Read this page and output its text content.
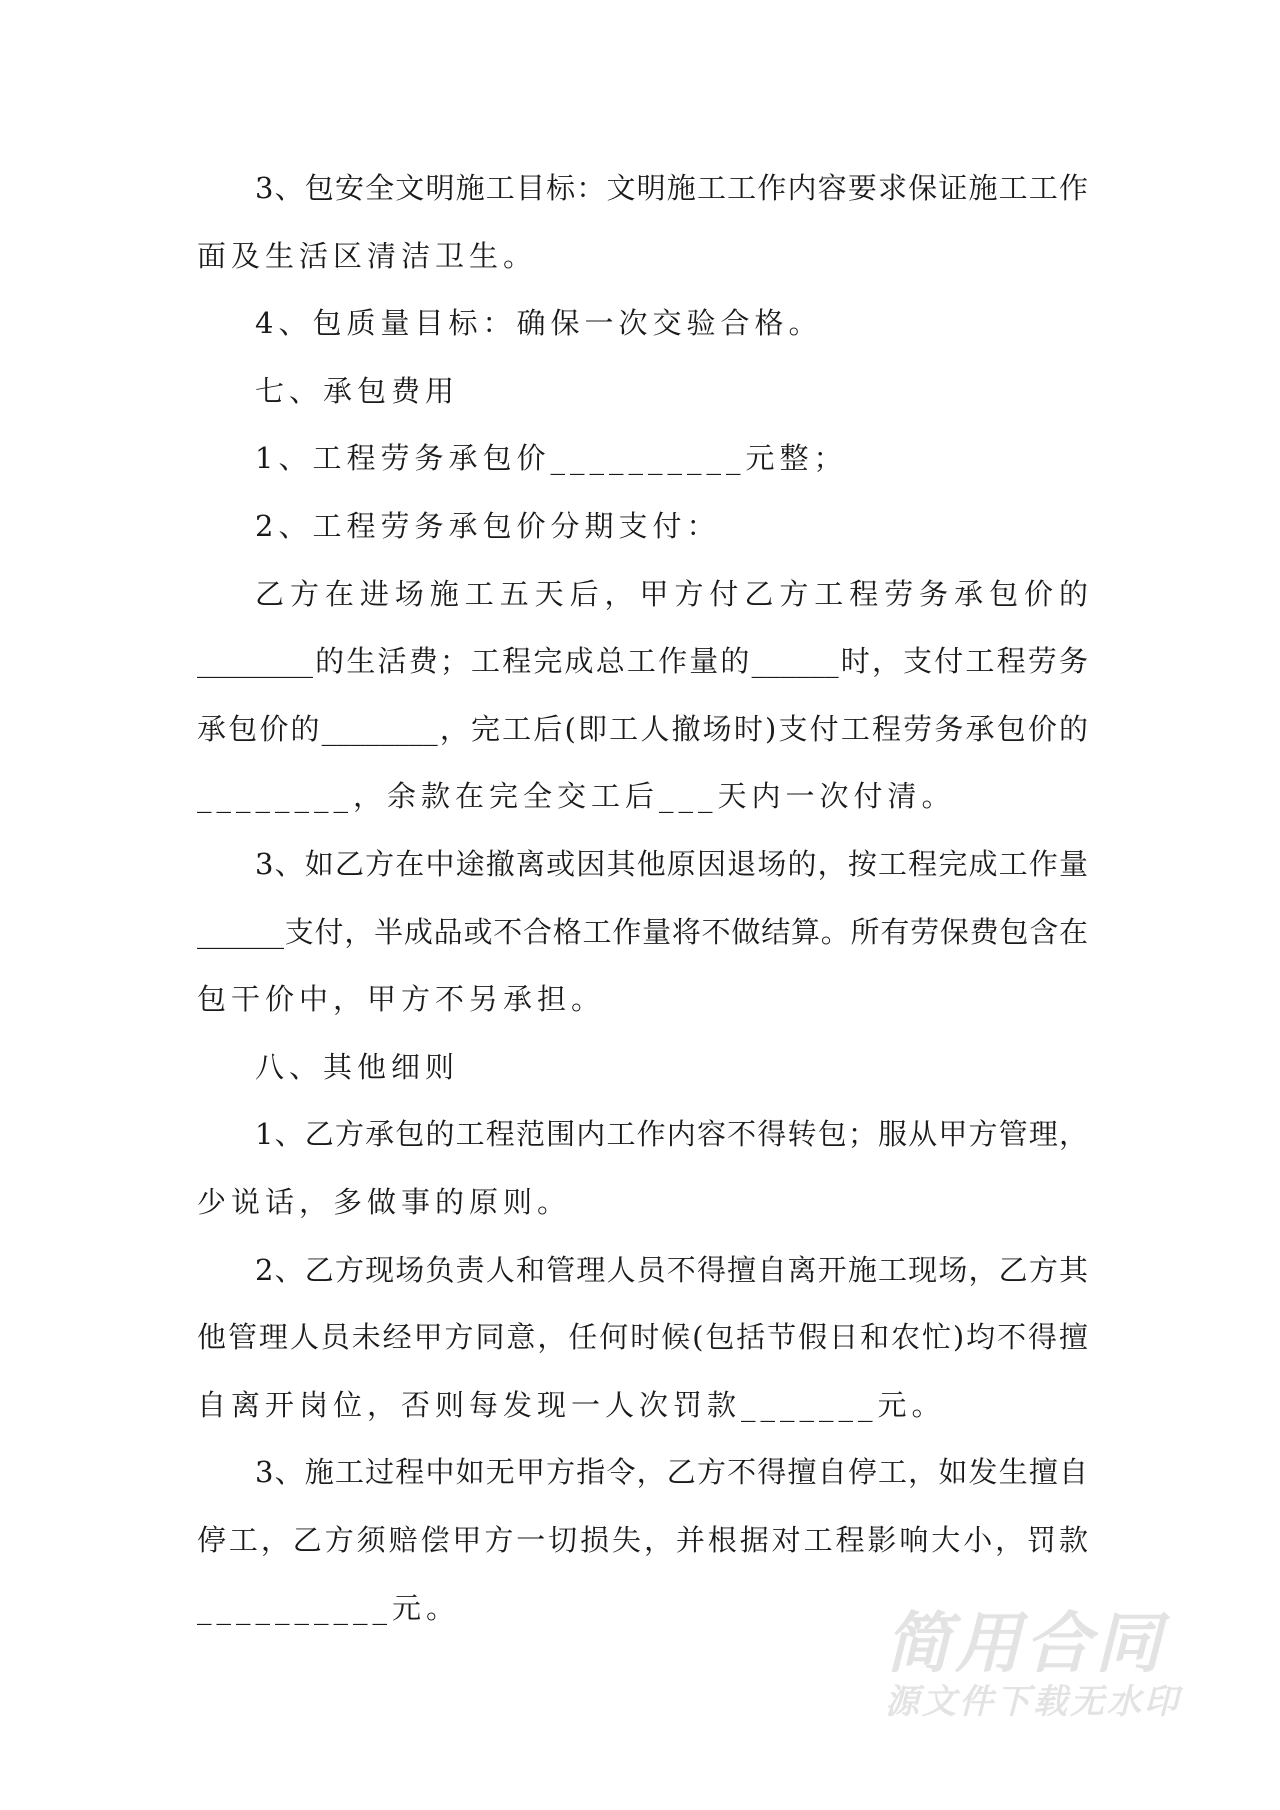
3、包安全文明施工目标：文明施工工作内容要求保证施工工作
面及生活区清洁卫生。
4、包质量目标：确保一次交验合格。
七、承包费用
1、工程劳务承包价__________元整；
2、工程劳务承包价分期支付：
乙方在进场施工五天后，甲方付乙方工程劳务承包价的
________的生活费；工程完成总工作量的______时，支付工程劳务
承包价的________，完工后(即工人撤场时)支付工程劳务承包价的
________，余款在完全交工后___天内一次付清。
3、如乙方在中途撤离或因其他原因退场的，按工程完成工作量
______支付，半成品或不合格工作量将不做结算。所有劳保费包含在
包干价中，甲方不另承担。
八、其他细则
1、乙方承包的工程范围内工作内容不得转包；服从甲方管理，
少说话，多做事的原则。
2、乙方现场负责人和管理人员不得擅自离开施工现场，乙方其
他管理人员未经甲方同意，任何时候(包括节假日和农忙)均不得擅
自离开岗位，否则每发现一人次罚款_______元。
3、施工过程中如无甲方指令，乙方不得擅自停工，如发生擅自
停工，乙方须赔偿甲方一切损失，并根据对工程影响大小，罚款
__________元。	简用合同
源文件下载无水印
